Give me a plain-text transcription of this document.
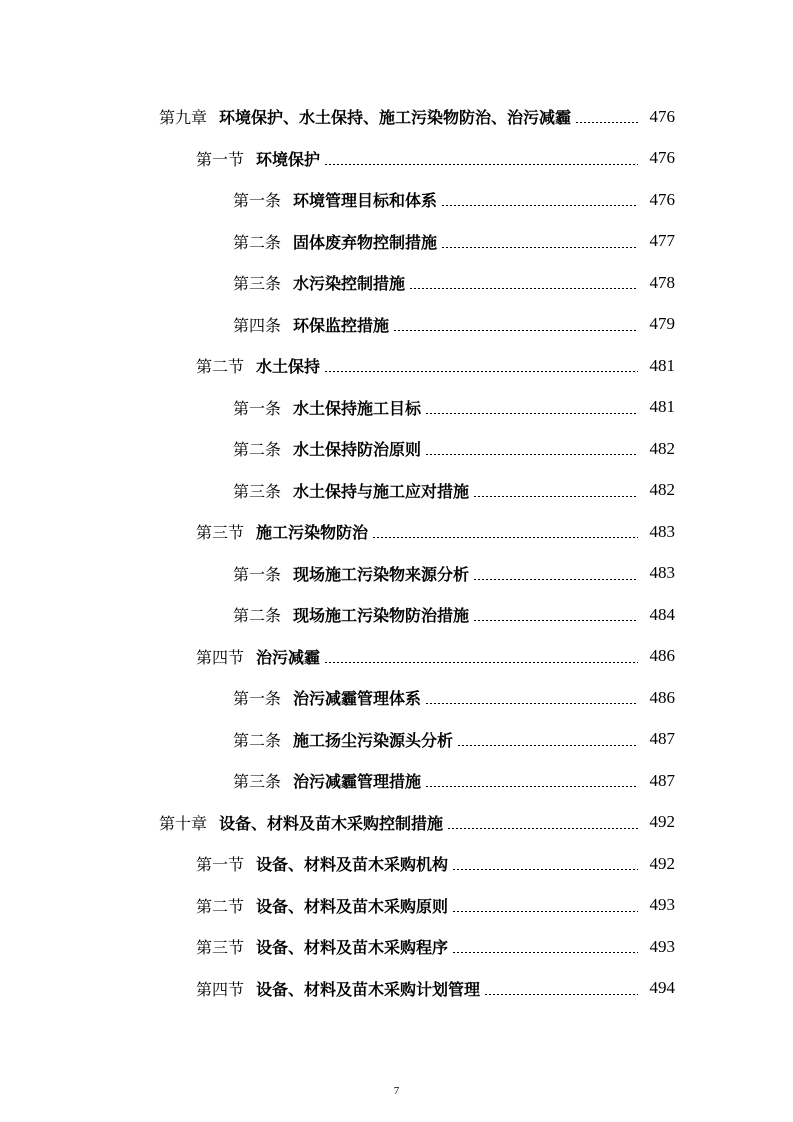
第九章 环境保护、水土保持、施工污染物防治、治污减霾	476
第一节 环境保护	476
第一条 环境管理目标和体系	476
第二条 固体废弃物控制措施	477
第三条 水污染控制措施	478
第四条 环保监控措施	479
第二节 水土保持	481
第一条 水土保持施工目标	481
第二条 水土保持防治原则	482
第三条 水土保持与施工应对措施	482
第三节 施工污染物防治	483
第一条 现场施工污染物来源分析	483
第二条 现场施工污染物防治措施	484
第四节 治污减霾	486
第一条 治污减霾管理体系	486
第二条 施工扬尘污染源头分析	487
第三条 治污减霾管理措施	487
第十章 设备、材料及苗木采购控制措施	492
第一节 设备、材料及苗木采购机构	492
第二节 设备、材料及苗木采购原则	493
第三节 设备、材料及苗木采购程序	493
第四节 设备、材料及苗木采购计划管理	494
7
